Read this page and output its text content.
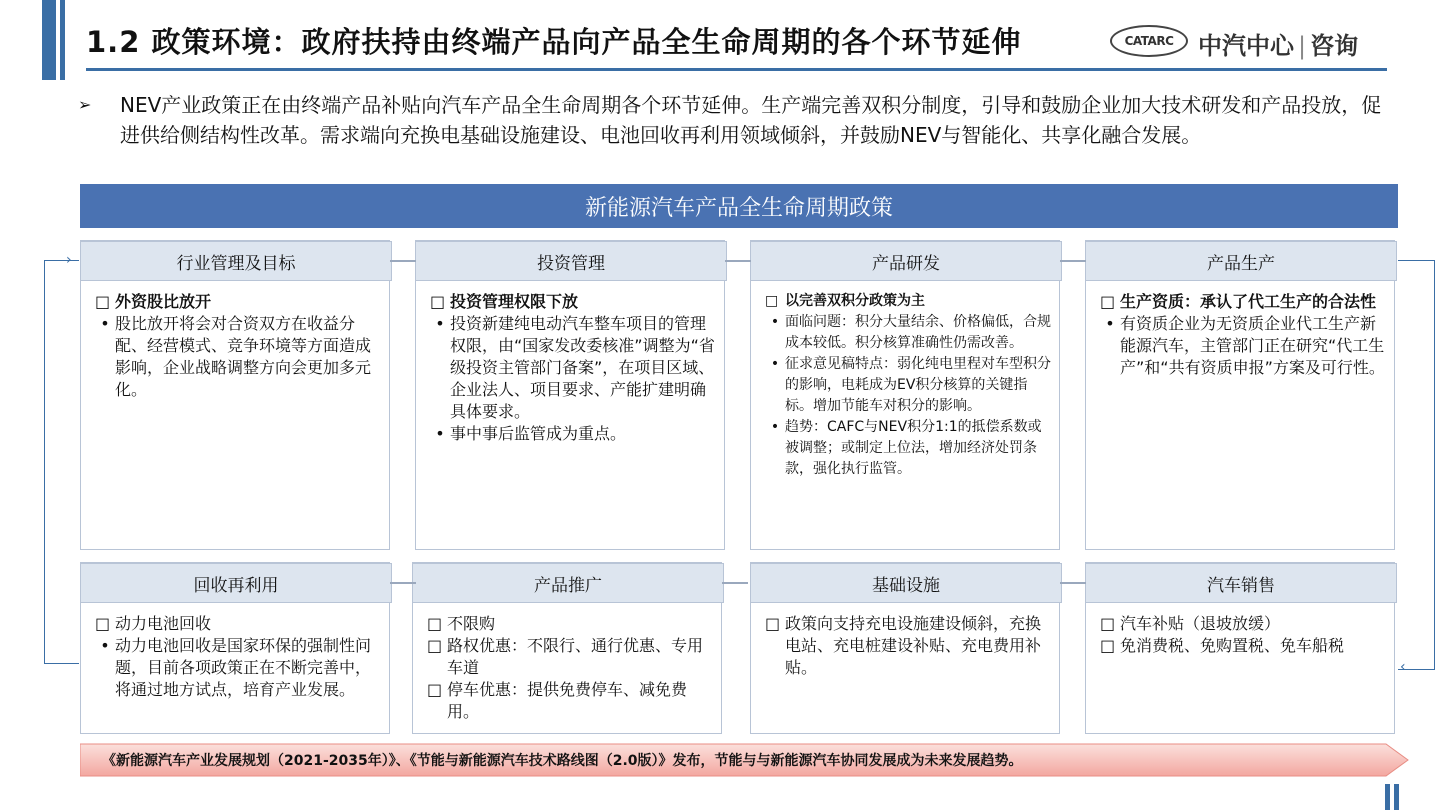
1.2 政策环境：政府扶持由终端产品向产品全生命周期的各个环节延伸	CATARC	中汽中心 | 咨询
➢ NEV产业政策正在由终端产品补贴向汽车产品全生命周期各个环节延伸。生产端完善双积分制度，引导和鼓励企业加大技术研发和产品投放，促进供给侧结构性改革。需求端向充换电基础设施建设、电池回收再利用领域倾斜，并鼓励NEV与智能化、共享化融合发展。
新能源汽车产品全生命周期政策
›
‹
行业管理及目标
□ 外资股比放开
• 股比放开将会对合资双方在收益分配、经营模式、竞争环境等方面造成影响，企业战略调整方向会更加多元化。
投资管理
□ 投资管理权限下放
• 投资新建纯电动汽车整车项目的管理权限，由“国家发改委核准”调整为“省级投资主管部门备案”，在项目区域、企业法人、项目要求、产能扩建明确具体要求。
• 事中事后监管成为重点。
产品研发
□ 以完善双积分政策为主
• 面临问题：积分大量结余、价格偏低，合规成本较低。积分核算准确性仍需改善。
• 征求意见稿特点：弱化纯电里程对车型积分的影响，电耗成为EV积分核算的关键指标。增加节能车对积分的影响。
• 趋势：CAFC与NEV积分1:1的抵偿系数或被调整；或制定上位法，增加经济处罚条款，强化执行监管。
产品生产
□ 生产资质：承认了代工生产的合法性
• 有资质企业为无资质企业代工生产新能源汽车，主管部门正在研究“代工生产”和“共有资质申报”方案及可行性。
回收再利用
□ 动力电池回收
• 动力电池回收是国家环保的强制性问题，目前各项政策正在不断完善中，将通过地方试点，培育产业发展。
产品推广
□ 不限购
□ 路权优惠：不限行、通行优惠、专用车道
□ 停车优惠：提供免费停车、减免费用。
基础设施
□ 政策向支持充电设施建设倾斜，充换电站、充电桩建设补贴、充电费用补贴。
汽车销售
□ 汽车补贴（退坡放缓）
□ 免消费税、免购置税、免车船税
《新能源汽车产业发展规划（2021-2035年）》、《节能与新能源汽车技术路线图（2.0版）》发布，节能与与新能源汽车协同发展成为未来发展趋势。
